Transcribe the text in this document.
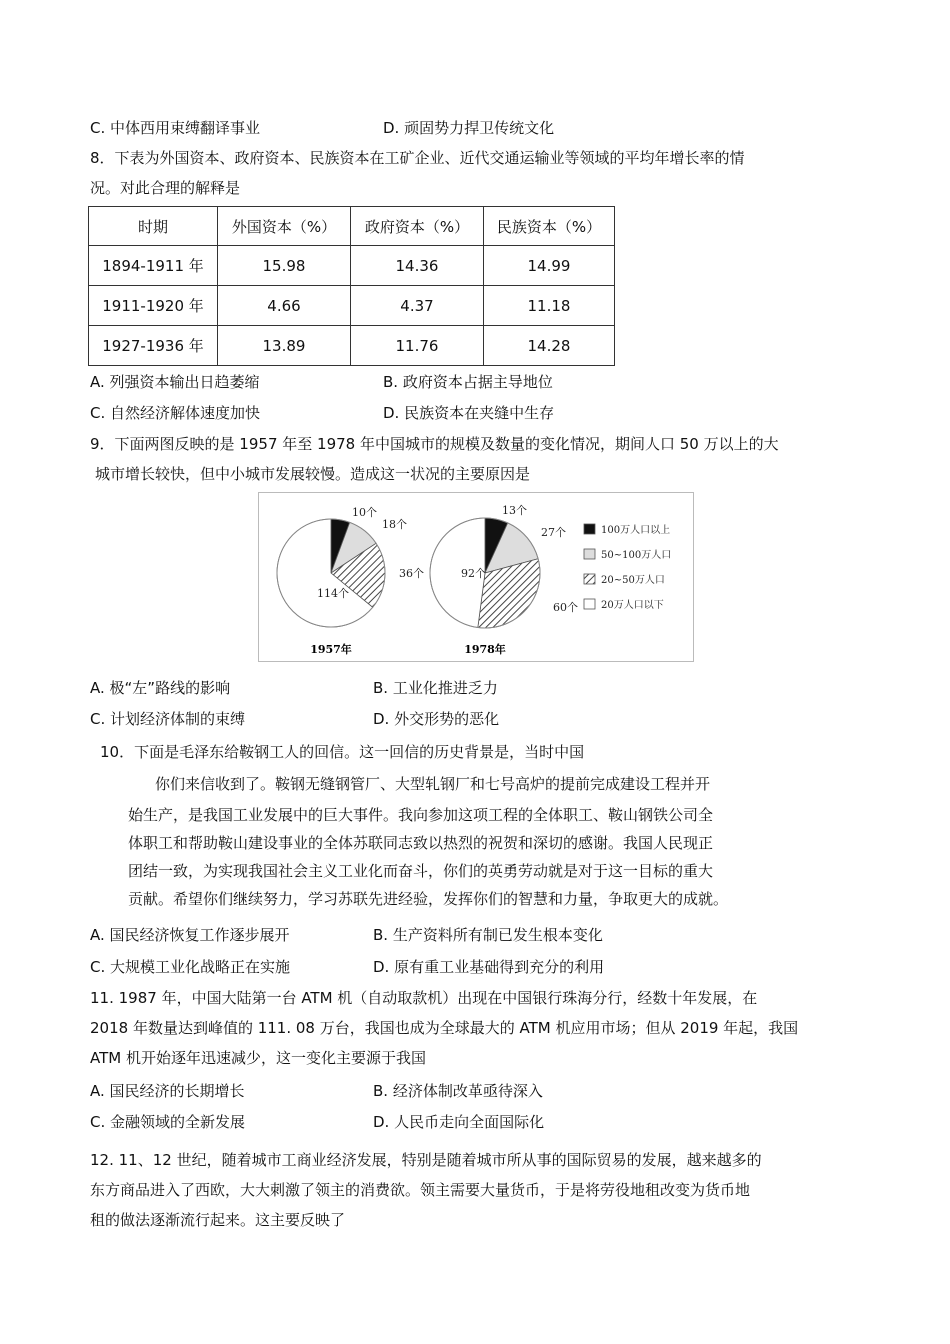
C. 中体西用束缚翻译事业	D. 顽固势力捍卫传统文化
8．下表为外国资本、政府资本、民族资本在工矿企业、近代交通运输业等领域的平均年增长率的情
况。对此合理的解释是
时期	外国资本（%）	政府资本（%）	民族资本（%）
1894-1911 年	15.98	14.36	14.99
1911-1920 年	4.66	4.37	11.18
1927-1936 年	13.89	11.76	14.28
A. 列强资本输出日趋萎缩	B. 政府资本占据主导地位
C. 自然经济解体速度加快	D. 民族资本在夹缝中生存
9．下面两图反映的是 1957 年至 1978 年中国城市的规模及数量的变化情况，期间人口 50 万以上的大
城市增长较快，但中小城市发展较慢。造成这一状况的主要原因是
10个
18个
36个
114个
13个
27个
60个
92个
1957年	1978年
100万人口以上
50~100万人口
20~50万人口
20万人口以下
A. 极“左”路线的影响	B. 工业化推进乏力
C. 计划经济体制的束缚	D. 外交形势的恶化
10．下面是毛泽东给鞍钢工人的回信。这一回信的历史背景是，当时中国
你们来信收到了。鞍钢无缝钢管厂、大型轧钢厂和七号高炉的提前完成建设工程并开
始生产，是我国工业发展中的巨大事件。我向参加这项工程的全体职工、鞍山钢铁公司全
体职工和帮助鞍山建设事业的全体苏联同志致以热烈的祝贺和深切的感谢。我国人民现正
团结一致，为实现我国社会主义工业化而奋斗，你们的英勇劳动就是对于这一目标的重大
贡献。希望你们继续努力，学习苏联先进经验，发挥你们的智慧和力量，争取更大的成就。
A. 国民经济恢复工作逐步展开	B. 生产资料所有制已发生根本变化
C. 大规模工业化战略正在实施	D. 原有重工业基础得到充分的利用
11. 1987 年，中国大陆第一台 ATM 机（自动取款机）出现在中国银行珠海分行，经数十年发展，在
2018 年数量达到峰值的 111. 08 万台，我国也成为全球最大的 ATM 机应用市场；但从 2019 年起，我国
ATM 机开始逐年迅速减少，这一变化主要源于我国
A. 国民经济的长期增长	B. 经济体制改革亟待深入
C. 金融领域的全新发展	D. 人民币走向全面国际化
12. 11、12 世纪，随着城市工商业经济发展，特别是随着城市所从事的国际贸易的发展，越来越多的
东方商品进入了西欧，大大刺激了领主的消费欲。领主需要大量货币，于是将劳役地租改变为货币地
租的做法逐渐流行起来。这主要反映了
